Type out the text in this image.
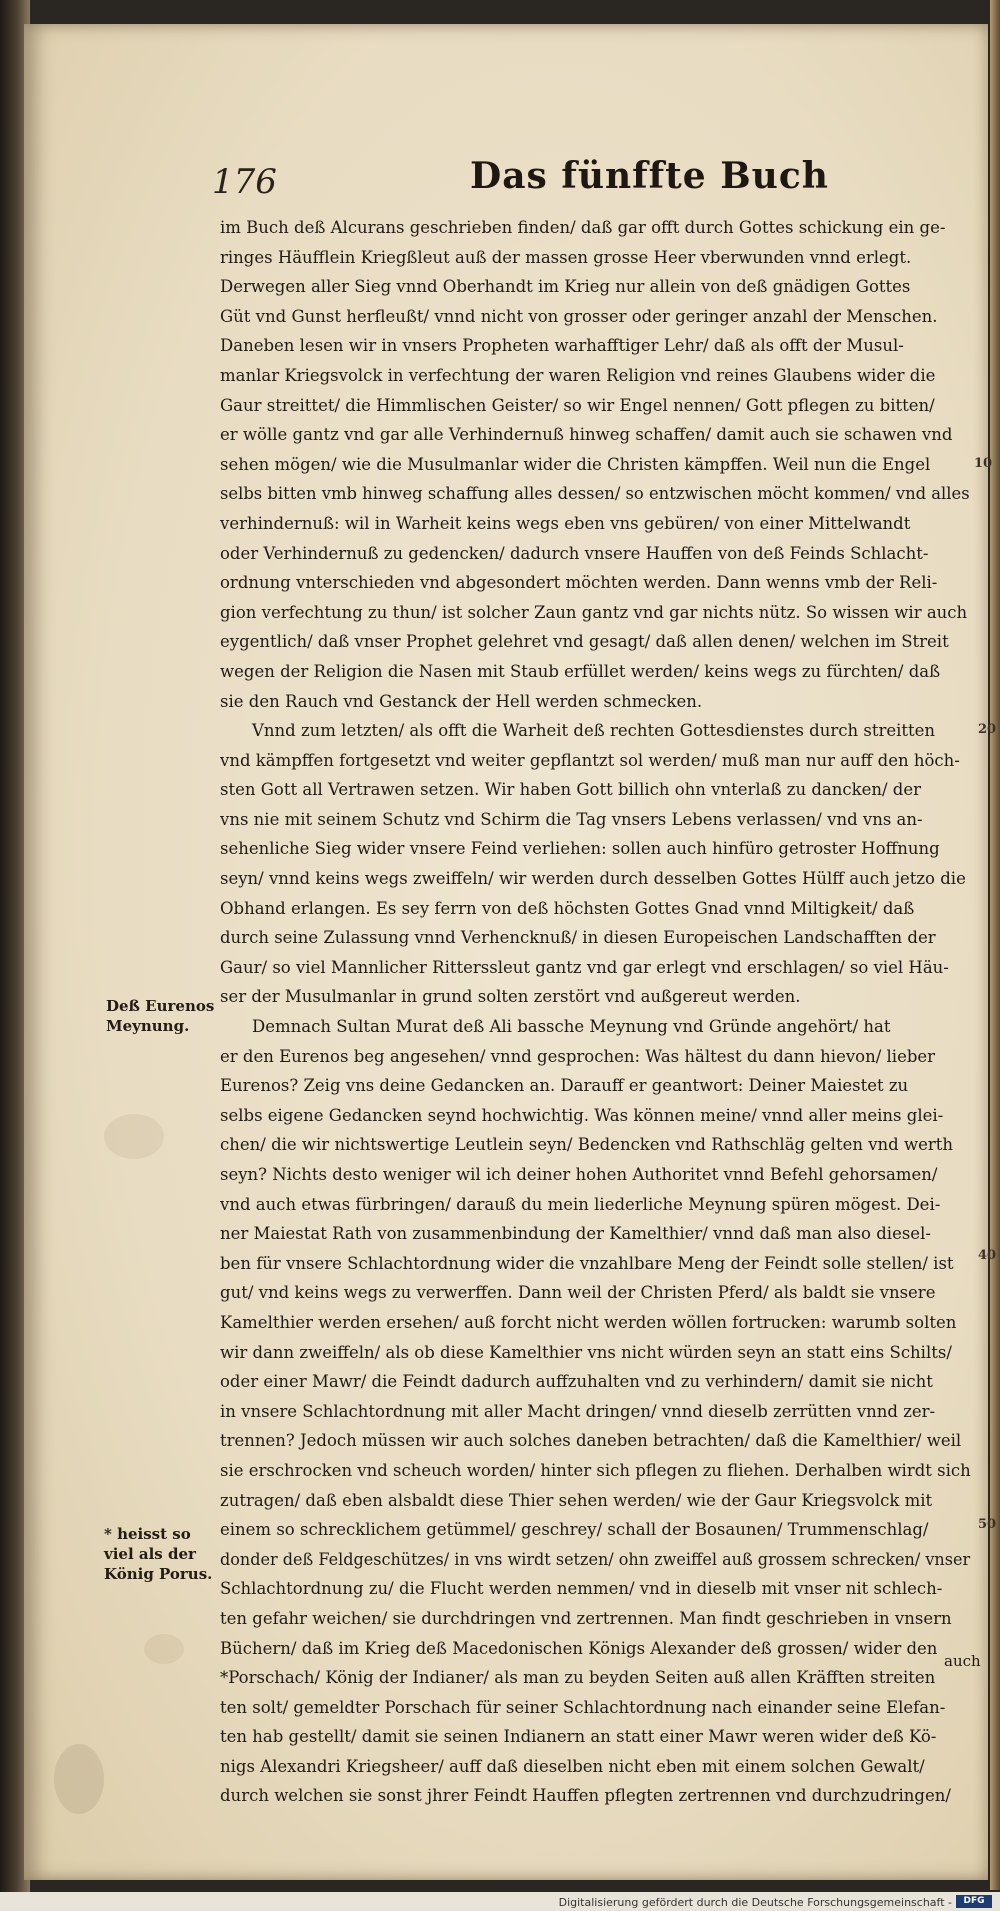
176	Das fünffte Buch
im Buch deß Alcurans geschrieben finden/ daß gar offt durch Gottes schickung ein ge-
ringes Häufflein Kriegßleut auß der massen grosse Heer vberwunden vnnd erlegt.
Derwegen aller Sieg vnnd Oberhandt im Krieg nur allein von deß gnädigen Gottes
Güt vnd Gunst herfleußt/ vnnd nicht von grosser oder geringer anzahl der Menschen.
Daneben lesen wir in vnsers Propheten warhafftiger Lehr/ daß als offt der Musul-
manlar Kriegsvolck in verfechtung der waren Religion vnd reines Glaubens wider die
Gaur streittet/ die Himmlischen Geister/ so wir Engel nennen/ Gott pflegen zu bitten/
er wölle gantz vnd gar alle Verhindernuß hinweg schaffen/ damit auch sie schawen vnd
sehen mögen/ wie die Musulmanlar wider die Christen kämpffen. Weil nun die Engel
selbs bitten vmb hinweg schaffung alles dessen/ so entzwischen möcht kommen/ vnd alles
verhindernuß: wil in Warheit keins wegs eben vns gebüren/ von einer Mittelwandt
oder Verhindernuß zu gedencken/ dadurch vnsere Hauffen von deß Feinds Schlacht-
ordnung vnterschieden vnd abgesondert möchten werden. Dann wenns vmb der Reli-
gion verfechtung zu thun/ ist solcher Zaun gantz vnd gar nichts nütz. So wissen wir auch
eygentlich/ daß vnser Prophet gelehret vnd gesagt/ daß allen denen/ welchen im Streit
wegen der Religion die Nasen mit Staub erfüllet werden/ keins wegs zu fürchten/ daß
sie den Rauch vnd Gestanck der Hell werden schmecken.
Vnnd zum letzten/ als offt die Warheit deß rechten Gottesdienstes durch streitten
vnd kämpffen fortgesetzt vnd weiter gepflantzt sol werden/ muß man nur auff den höch-
sten Gott all Vertrawen setzen. Wir haben Gott billich ohn vnterlaß zu dancken/ der
vns nie mit seinem Schutz vnd Schirm die Tag vnsers Lebens verlassen/ vnd vns an-
sehenliche Sieg wider vnsere Feind verliehen: sollen auch hinfüro getroster Hoffnung
seyn/ vnnd keins wegs zweiffeln/ wir werden durch desselben Gottes Hülff auch jetzo die
Obhand erlangen. Es sey ferrn von deß höchsten Gottes Gnad vnnd Miltigkeit/ daß
durch seine Zulassung vnnd Verhencknuß/ in diesen Europeischen Landschafften der
Gaur/ so viel Mannlicher Ritterssleut gantz vnd gar erlegt vnd erschlagen/ so viel Häu-
ser der Musulmanlar in grund solten zerstört vnd außgereut werden.
Demnach Sultan Murat deß Ali bassche Meynung vnd Gründe angehört/ hat
er den Eurenos beg angesehen/ vnnd gesprochen: Was hältest du dann hievon/ lieber
Eurenos? Zeig vns deine Gedancken an. Darauff er geantwort: Deiner Maiestet zu
selbs eigene Gedancken seynd hochwichtig. Was können meine/ vnnd aller meins glei-
chen/ die wir nichtswertige Leutlein seyn/ Bedencken vnd Rathschläg gelten vnd werth
seyn? Nichts desto weniger wil ich deiner hohen Authoritet vnnd Befehl gehorsamen/
vnd auch etwas fürbringen/ darauß du mein liederliche Meynung spüren mögest. Dei-
ner Maiestat Rath von zusammenbindung der Kamelthier/ vnnd daß man also diesel-
ben für vnsere Schlachtordnung wider die vnzahlbare Meng der Feindt solle stellen/ ist
gut/ vnd keins wegs zu verwerffen. Dann weil der Christen Pferd/ als baldt sie vnsere
Kamelthier werden ersehen/ auß forcht nicht werden wöllen fortrucken: warumb solten
wir dann zweiffeln/ als ob diese Kamelthier vns nicht würden seyn an statt eins Schilts/
oder einer Mawr/ die Feindt dadurch auffzuhalten vnd zu verhindern/ damit sie nicht
in vnsere Schlachtordnung mit aller Macht dringen/ vnnd dieselb zerrütten vnnd zer-
trennen? Jedoch müssen wir auch solches daneben betrachten/ daß die Kamelthier/ weil
sie erschrocken vnd scheuch worden/ hinter sich pflegen zu fliehen. Derhalben wirdt sich
zutragen/ daß eben alsbaldt diese Thier sehen werden/ wie der Gaur Kriegsvolck mit
einem so schrecklichem getümmel/ geschrey/ schall der Bosaunen/ Trummenschlag/
donder deß Feldgeschützes/ in vns wirdt setzen/ ohn zweiffel auß grossem schrecken/ vnser
Schlachtordnung zu/ die Flucht werden nemmen/ vnd in dieselb mit vnser nit schlech-
ten gefahr weichen/ sie durchdringen vnd zertrennen. Man findt geschrieben in vnsern
Büchern/ daß im Krieg deß Macedonischen Königs Alexander deß grossen/ wider den
*Porschach/ König der Indianer/ als man zu beyden Seiten auß allen Kräfften streiten
ten solt/ gemeldter Porschach für seiner Schlachtordnung nach einander seine Elefan-
ten hab gestellt/ damit sie seinen Indianern an statt einer Mawr weren wider deß Kö-
nigs Alexandri Kriegsheer/ auff daß dieselben nicht eben mit einem solchen Gewalt/
durch welchen sie sonst jhrer Feindt Hauffen pflegten zertrennen vnd durchzudringen/
Deß Eurenos Meynung.
* heisst so viel als der König Porus.
10
20
40
50
auch
Digitalisierung gefördert durch die Deutsche Forschungsgemeinschaft -	DFG
